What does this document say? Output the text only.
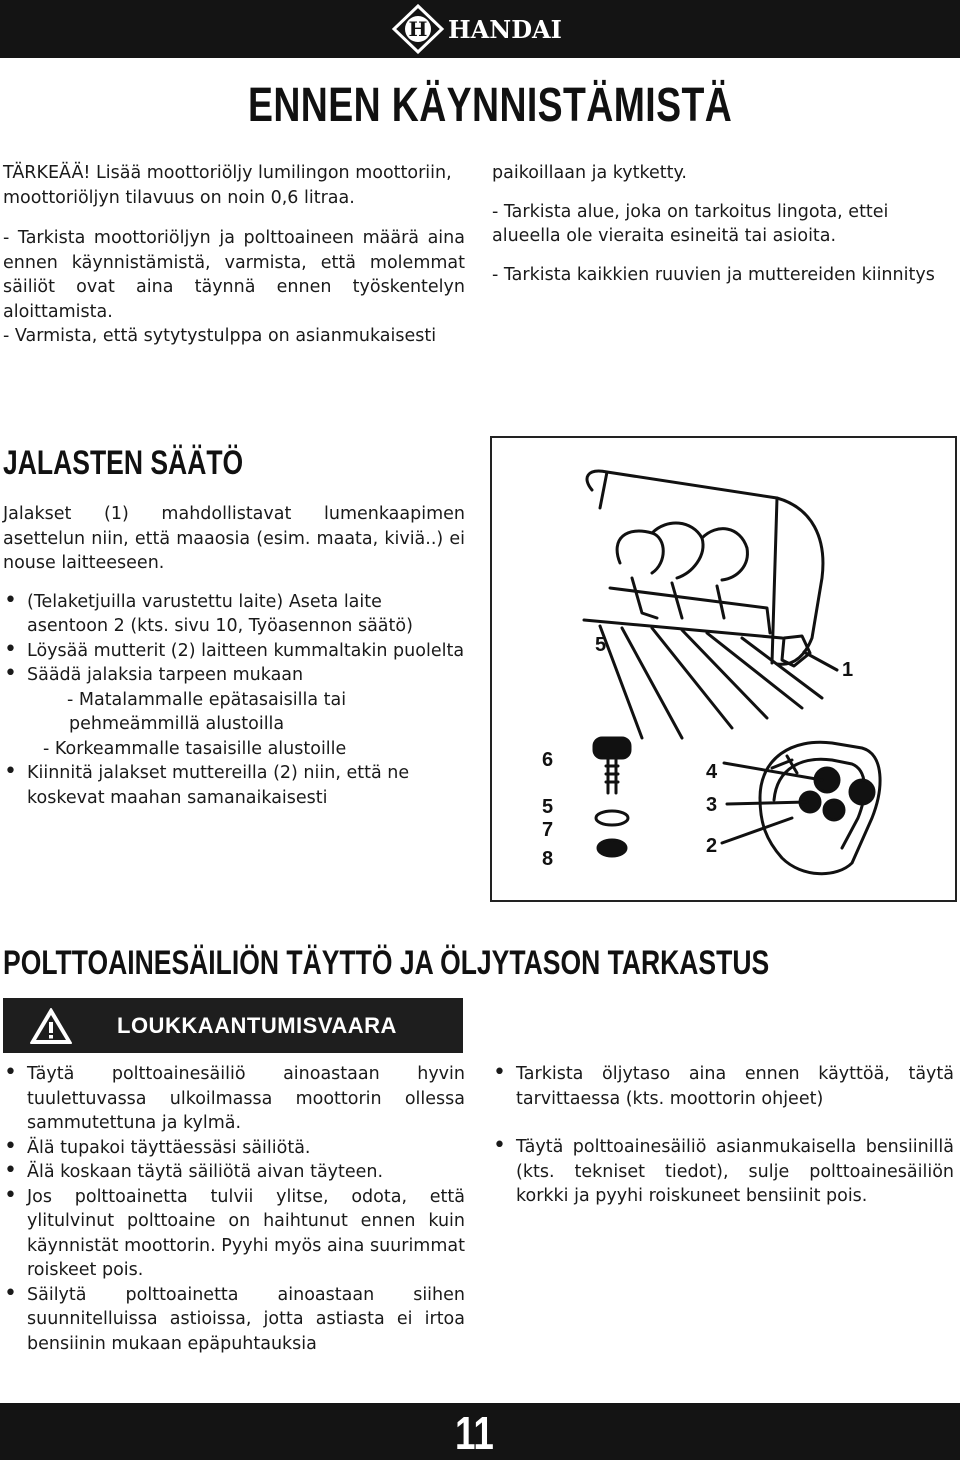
H HANDAI
ENNEN KÄYNNISTÄMISTÄ

TÄRKEÄÄ! Lisää moottoriöljy lumilingon moottoriin, moottoriöljyn tilavuus on noin 0,6 litraa.

- Tarkista moottoriöljyn ja polttoaineen määrä aina ennen käynnistämistä, varmista, että molemmat säiliöt ovat aina täynnä ennen työskentelyn aloittamista.

- Varmista, että sytytystulppa on asianmukaisesti

paikoillaan ja kytketty.

- Tarkista alue, joka on tarkoitus lingota, ettei alueella ole vieraita esineitä tai asioita.

- Tarkista kaikkien ruuvien ja muttereiden kiinnitys

JALASTEN SÄÄTÖ

Jalakset (1) mahdollistavat lumenkaapimen asettelun niin, että maaosia (esim. maata, kiviä..) ei nouse laitteeseen.

• (Telaketjuilla varustettu laite) Aseta laite asentoon 2 (kts. sivu 10, Työasennon säätö)
• Löysää mutterit (2) laitteen kummaltakin puolelta
• Säädä jalaksia tarpeen mukaan
- Matalammalle epätasaisilla tai
pehmeämmillä alustoilla
- Korkeammalle tasaisille alustoille
• Kiinnitä jalakset muttereilla (2) niin, että ne koskevat maahan samanaikaisesti
1
5
6
5
7
8
4
3
2
POLTTOAINESÄILIÖN TÄYTTÖ JA ÖLJYTASON TARKASTUS
LOUKKAANTUMISVAARA
• Täytä polttoainesäiliö ainoastaan hyvin tuulettuvassa ulkoilmassa moottorin ollessa sammutettuna ja kylmä.
• Älä tupakoi täyttäessäsi säiliötä.
• Älä koskaan täytä säiliötä aivan täyteen.
• Jos polttoainetta tulvii ylitse, odota, että ylitulvinut polttoaine on haihtunut ennen kuin käynnistät moottorin. Pyyhi myös aina suurimmat roiskeet pois.
• Säilytä polttoainetta ainoastaan siihen suunnitelluissa astioissa, jotta astiasta ei irtoa bensiinin mukaan epäpuhtauksia
• Tarkista öljytaso aina ennen käyttöä, täytä tarvittaessa (kts. moottorin ohjeet)
• Täytä polttoainesäiliö asianmukaisella bensiinillä (kts. tekniset tiedot), sulje polttoainesäiliön korkki ja pyyhi roiskuneet bensiinit pois.
11
